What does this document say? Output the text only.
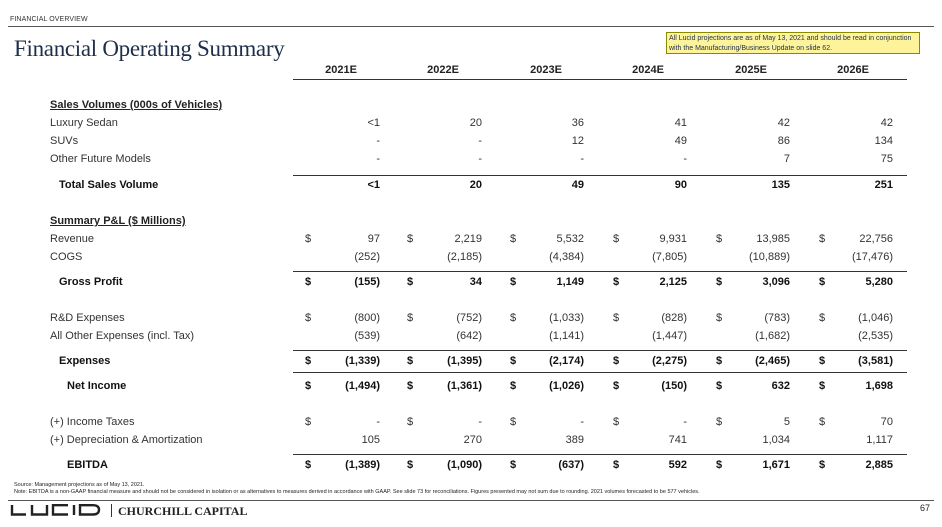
FINANCIAL OVERVIEW
Financial Operating Summary	All Lucid projections are as of May 13, 2021 and should be read in conjunction with the Manufacturing/Business Update on slide 62.
2021E	2022E	2023E	2024E	2025E	2026E
Sales Volumes (000s of Vehicles)
Summary P&L ($ Millions)
Luxury Sedan	<1	20	36	41	42	42
SUVs	-	-	12	49	86	134
Other Future Models	-	-	-	-	7	75
Total Sales Volume	<1	20	49	90	135	251
Revenue	$	97 $	2,219	$	5,532	$	9,931	$	13,985	$	22,756
COGS	(252)	(2,185)	(4,384)	(7,805)	(10,889)	(17,476)
Gross Profit	$	(155) $	34	$	1,149	$	2,125	$	3,096	$	5,280
R&D Expenses	$	(800) $	(752)	$	(1,033)	$	(828)	$	(783)	$	(1,046)
All Other Expenses (incl. Tax)	(539)	(642)	(1,141)	(1,447)	(1,682)	(2,535)
Expenses	$	(1,339) $	(1,395)	$	(2,174)	$	(2,275)	$	(2,465)	$	(3,581)
Net Income	$	(1,494) $	(1,361)	$	(1,026)	$	(150)	$	632	$	1,698
(+) Income Taxes	$	- $	-	$	-	$	-	$	5	$	70
(+) Depreciation & Amortization	105	270	389	741	1,034	1,117
EBITDA	$	(1,389) $	(1,090)	$	(637)	$	592	$	1,671	$	2,885
Source: Management projections as of May 13, 2021.
Note: EBITDA is a non-GAAP financial measure and should not be considered in isolation or as alternatives to measures derived in accordance with GAAP. See slide 73 for reconciliations. Figures presented may not sum due to rounding. 2021 volumes forecasted to be 577 vehicles.
CHURCHILL CAPITAL	67
